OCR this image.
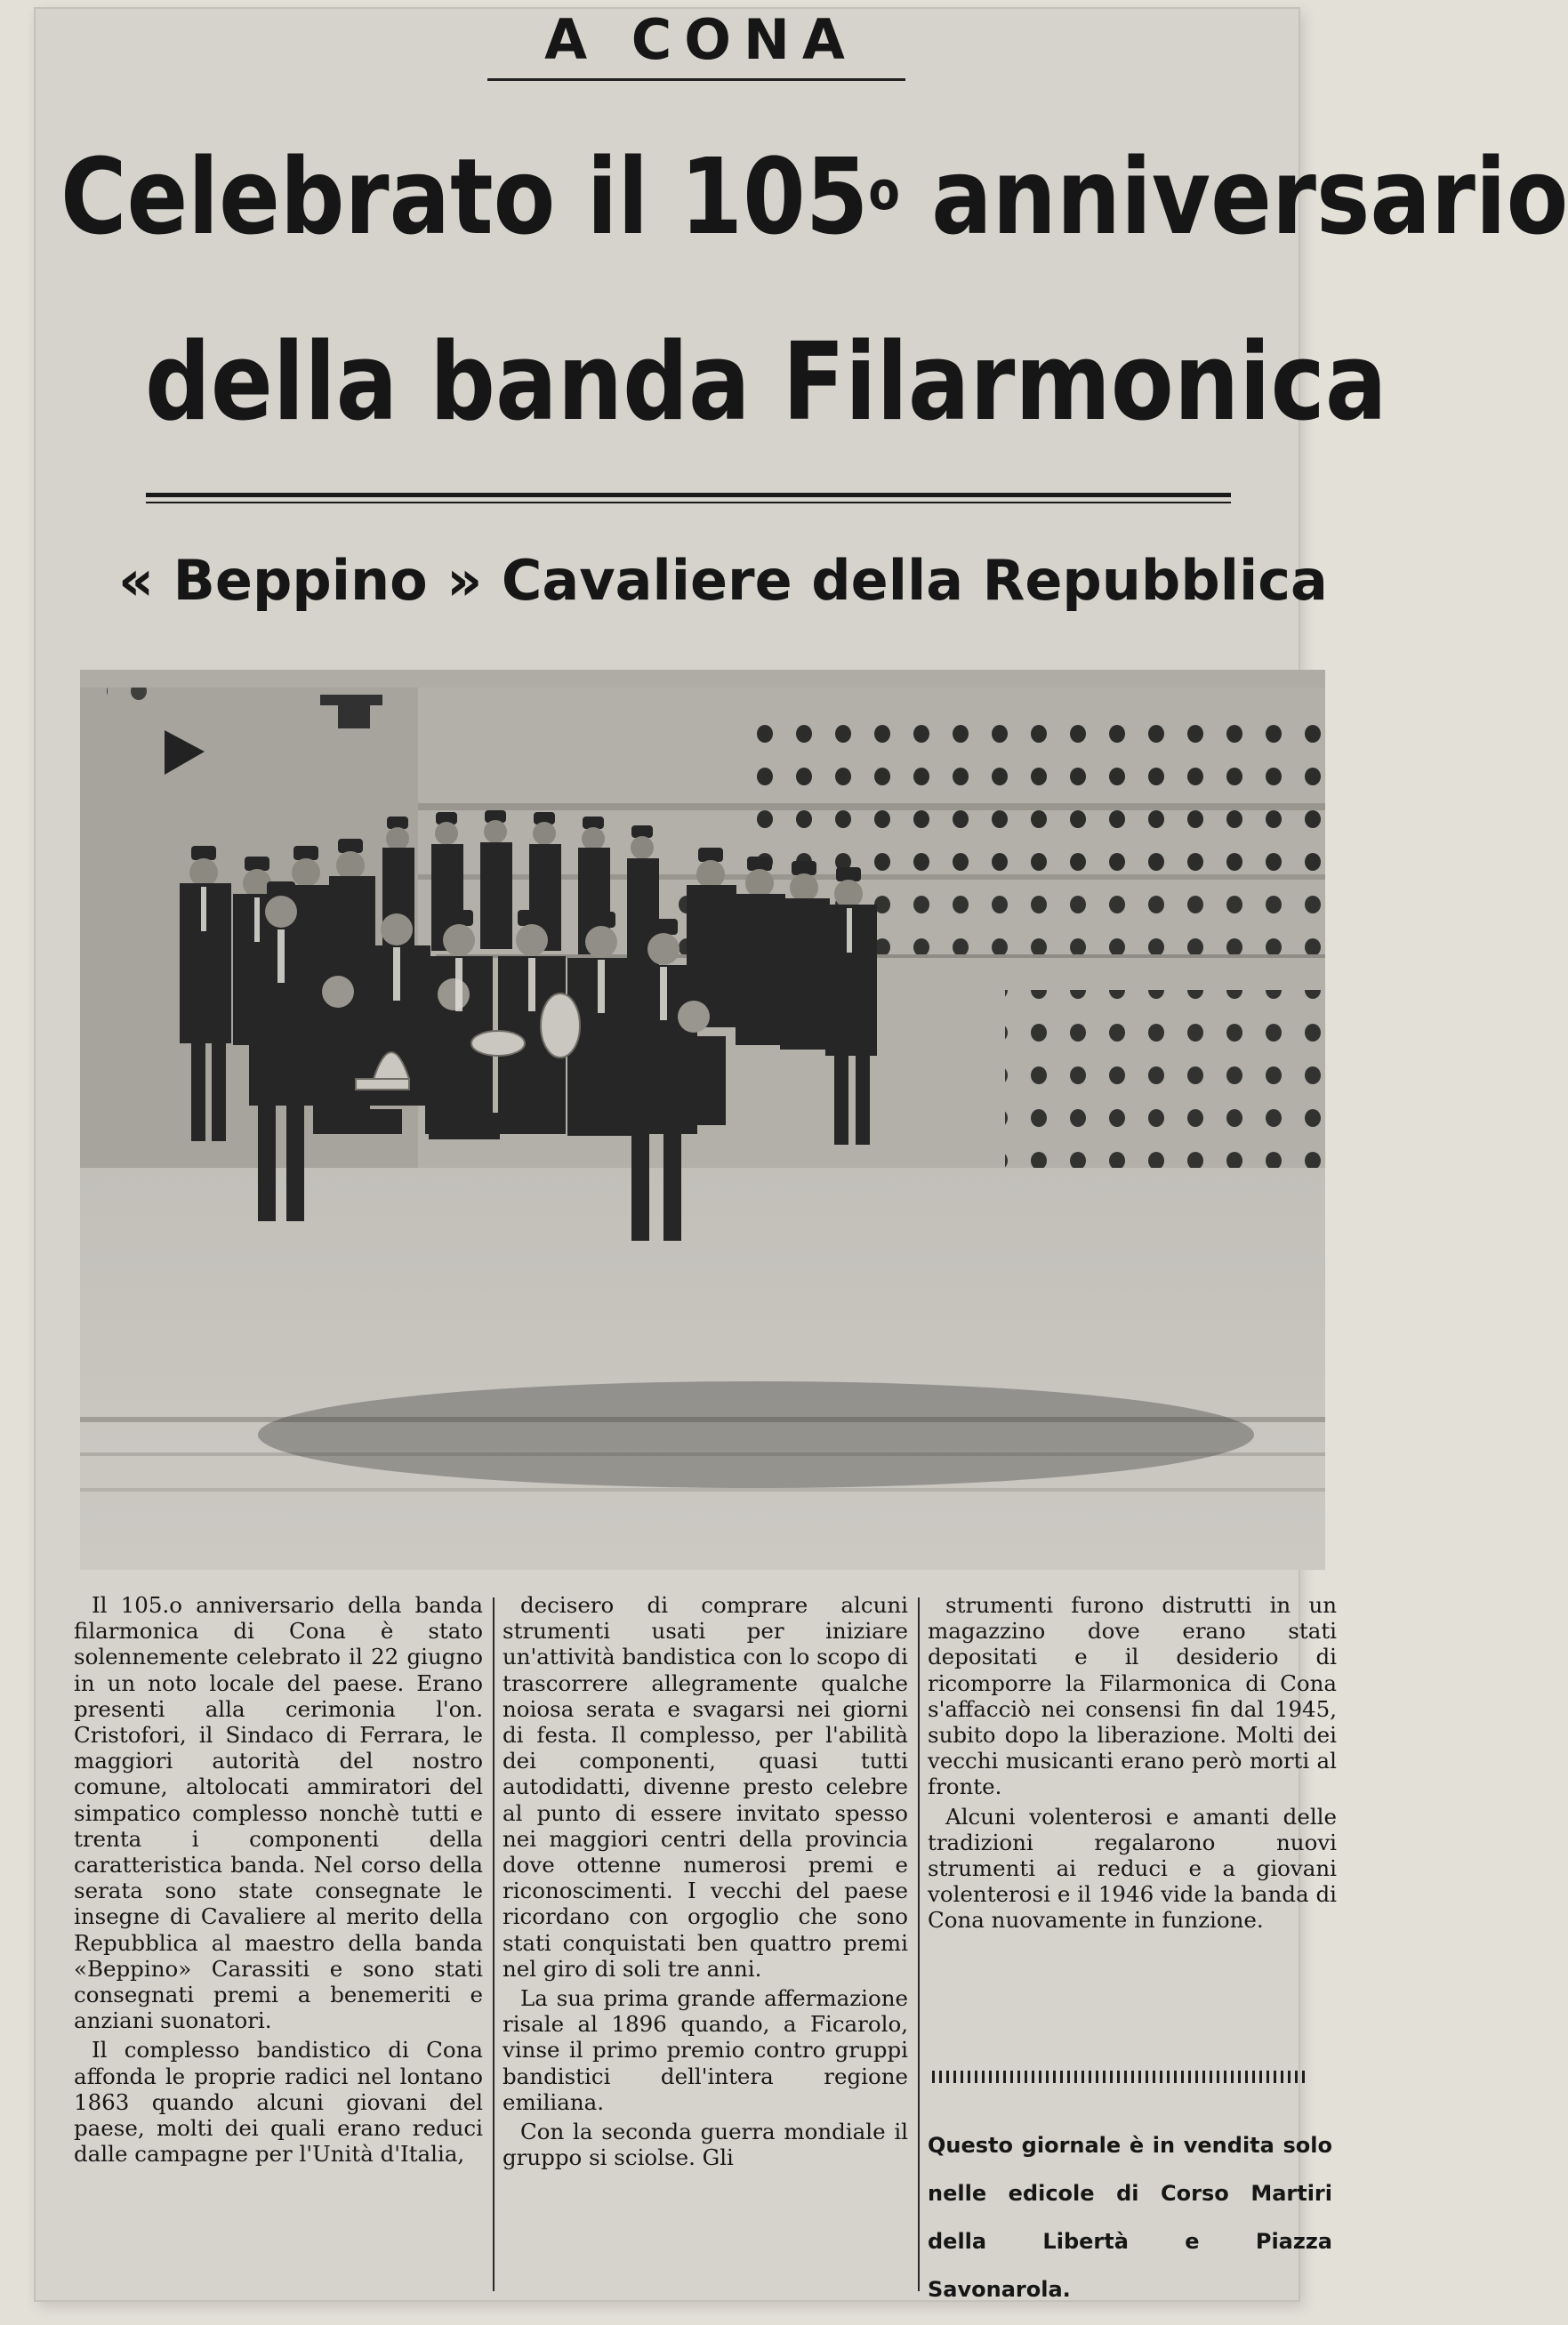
A CONA
Celebrato il 105$^o$ anniversario
della banda Filarmonica
« Beppino » Cavaliere della Repubblica

Il 105.o anniversario della banda filarmonica di Cona è stato solennemente celebrato il 22 giugno in un noto locale del paese. Erano presenti alla cerimonia l'on. Cristofori, il Sindaco di Ferrara, le maggiori autorità del nostro comune, altolocati ammiratori del simpatico complesso nonchè tutti e trenta i componenti della caratteristica banda. Nel corso della serata sono state consegnate le insegne di Cavaliere al merito della Repubblica al maestro della banda «Beppino» Carassiti e sono stati consegnati premi a benemeriti e anziani suonatori.

Il complesso bandistico di Cona affonda le proprie radici nel lontano 1863 quando alcuni giovani del paese, molti dei quali erano reduci dalle campagne per l'Unità d'Italia,

decisero di comprare alcuni strumenti usati per iniziare un'attività bandistica con lo scopo di trascorrere allegramente qualche noiosa serata e svagarsi nei giorni di festa. Il complesso, per l'abilità dei componenti, quasi tutti autodidatti, divenne presto celebre al punto di essere invitato spesso nei maggiori centri della provincia dove ottenne numerosi premi e riconoscimenti. I vecchi del paese ricordano con orgoglio che sono stati conquistati ben quattro premi nel giro di soli tre anni.

La sua prima grande affermazione risale al 1896 quando, a Ficarolo, vinse il primo premio contro gruppi bandistici dell'intera regione emiliana.

Con la seconda guerra mondiale il gruppo si sciolse. Gli

strumenti furono distrutti in un magazzino dove erano stati depositati e il desiderio di ricomporre la Filarmonica di Cona s'affacciò nei consensi fin dal 1945, subito dopo la liberazione. Molti dei vecchi musicanti erano però morti al fronte.

Alcuni volenterosi e amanti delle tradizioni regalarono nuovi strumenti ai reduci e a giovani volenterosi e il 1946 vide la banda di Cona nuovamente in funzione.

Questo giornale è in vendita solo nelle edicole di Corso Martiri della Libertà e Piazza Savonarola.
